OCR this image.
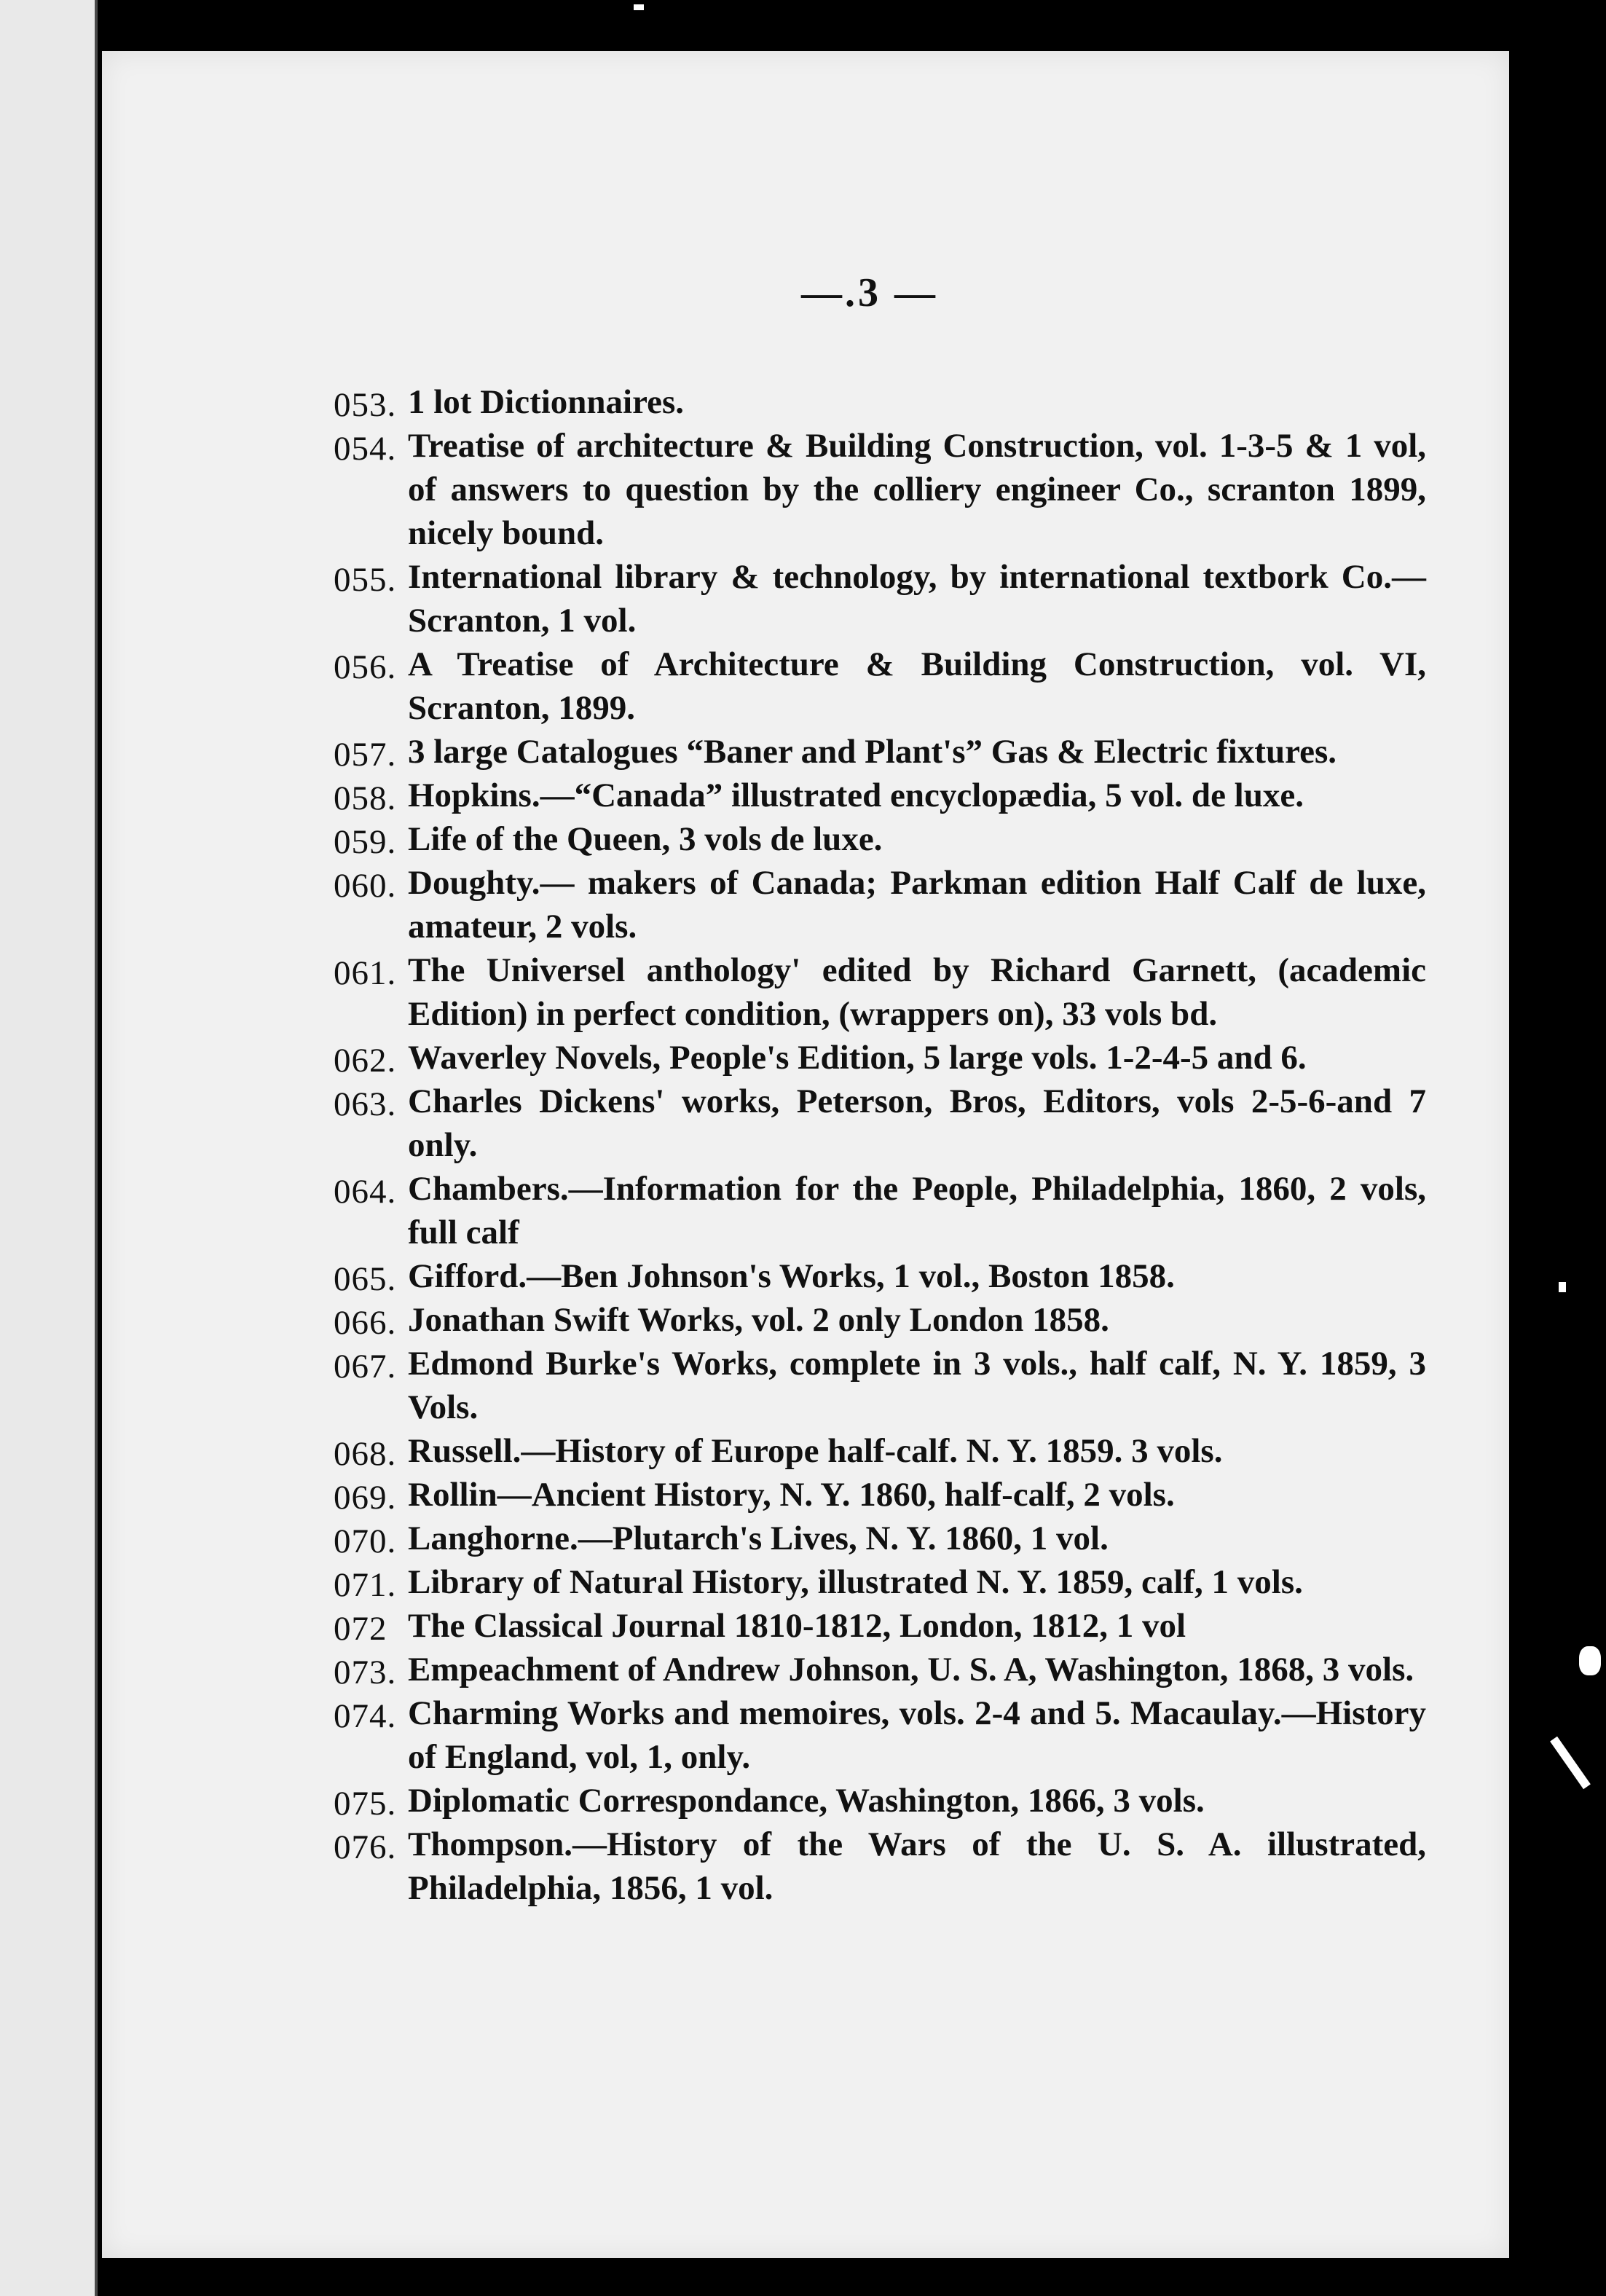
—.3 —
053. 1 lot Dictionnaires.
054. Treatise of architecture & Building Construction, vol. 1-3-5 & 1 vol, of answers to question by the colliery engineer Co., scranton 1899, nicely bound.
055. International library & technology, by international textbork Co.—Scranton, 1 vol.
056. A Treatise of Architecture & Building Construction, vol. VI, Scranton, 1899.
057. 3 large Catalogues “Baner and Plant's” Gas & Electric fixtures.
058. Hopkins.—“Canada” illustrated encyclopædia, 5 vol. de luxe.
059. Life of the Queen, 3 vols de luxe.
060. Doughty.— makers of Canada; Parkman edition Half Calf de luxe, amateur, 2 vols.
061. The Universel anthology' edited by Richard Garnett, (academic Edition) in perfect condition, (wrappers on), 33 vols bd.
062. Waverley Novels, People's Edition, 5 large vols. 1-2-4-5 and 6.
063. Charles Dickens' works, Peterson, Bros, Editors, vols 2-5-6-and 7 only.
064. Chambers.—Information for the People, Philadelphia, 1860, 2 vols, full calf
065. Gifford.—Ben Johnson's Works, 1 vol., Boston 1858.
066. Jonathan Swift Works, vol. 2 only London 1858.
067. Edmond Burke's Works, complete in 3 vols., half calf, N. Y. 1859, 3 Vols.
068. Russell.—History of Europe half-calf. N. Y. 1859. 3 vols.
069. Rollin—Ancient History, N. Y. 1860, half-calf, 2 vols.
070. Langhorne.—Plutarch's Lives, N. Y. 1860, 1 vol.
071. Library of Natural History, illustrated N. Y. 1859, calf, 1 vols.
072 The Classical Journal 1810-1812, London, 1812, 1 vol
073. Empeachment of Andrew Johnson, U. S. A, Washington, 1868, 3 vols.
074. Charming Works and memoires, vols. 2-4 and 5. Macaulay.—History of England, vol, 1, only.
075. Diplomatic Correspondance, Washington, 1866, 3 vols.
076. Thompson.—History of the Wars of the U. S. A. illustrated, Philadelphia, 1856, 1 vol.
